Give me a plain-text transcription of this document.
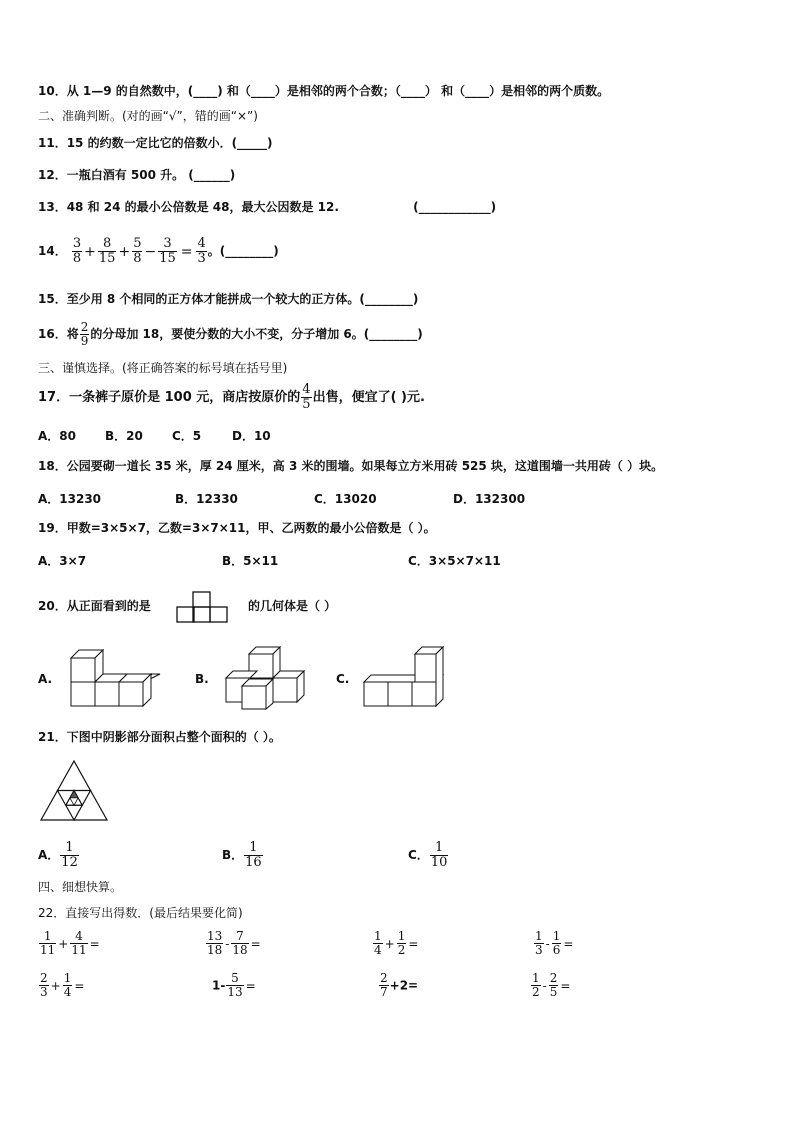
10．从 1—9 的自然数中，(____) 和（____）是相邻的两个合数；（____） 和（____）是相邻的两个质数。
二、准确判断。(对的画“√”，错的画“×”)
11．15 的约数一定比它的倍数小．(_____)
12．一瓶白酒有 500 升。 (______)
13．48 和 24 的最小公倍数是 48，最大公因数是 12.	(____________)
14． $\frac{3}{8} + \frac{8}{15} + \frac{5}{8} - \frac{3}{15} = \frac{4}{3}$ 。(________)
15．至少用 8 个相同的正方体才能拼成一个较大的正方体。(________)
16．将 $\frac{2}{9}$ 的分母加 18，要使分数的大小不变，分子增加 6。(________)
三、谨慎选择。(将正确答案的标号填在括号里)
17．一条裤子原价是 100 元，商店按原价的 $\frac{4}{5}$ 出售，便宜了( )元.
A．80 B．20 C．5	D．10
18．公园要砌一道长 35 米，厚 24 厘米，高 3 米的围墙。如果每立方米用砖 525 块，这道围墙一共用砖（ ）块。
A．13230	B．12330	C．13020	D．132300
19．甲数=3×5×7，乙数=3×7×11，甲、乙两数的最小公倍数是（ ）。
A．3×7	B．5×11	C．3×5×7×11
20．从正面看到的是	的几何体是（ ）
A.	B.	C.
21．下图中阴影部分面积占整个面积的（ ）。
A． $\frac{1}{12}$	B． $\frac{1}{16}$	C． $\frac{1}{10}$
四、细想快算。
22．直接写出得数．(最后结果要化简)
$\frac{1}{11} + \frac{4}{11}$ =	$\frac{13}{18} - \frac{7}{18}$ =	$\frac{1}{4} + \frac{1}{2}$ =	$\frac{1}{3} - \frac{1}{6}$ =
$\frac{2}{3} + \frac{1}{4}$ =	$1- \frac{5}{13}$ =	$\frac{2}{7} +2=$	$\frac{1}{2} - \frac{2}{5}$ =
